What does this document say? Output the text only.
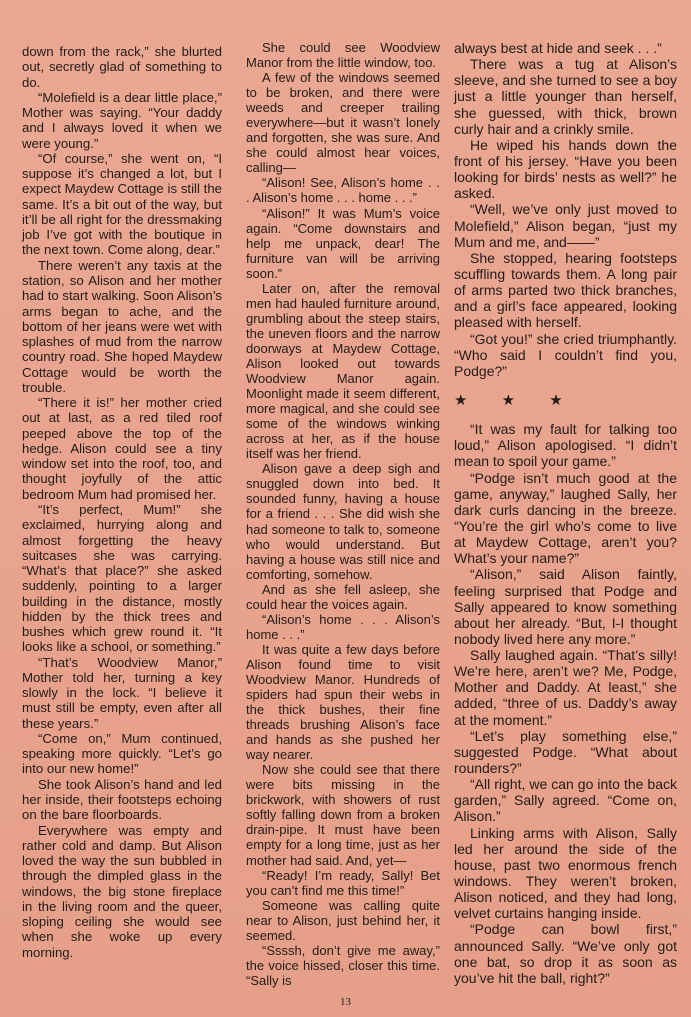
down from the rack,” she blurted out, secretly glad of something to do.

“Molefield is a dear little place,” Mother was saying. “Your daddy and I always loved it when we were young.”

“Of course,” she went on, “I suppose it’s changed a lot, but I expect Maydew Cottage is still the same. It’s a bit out of the way, but it’ll be all right for the dressmaking job I’ve got with the boutique in the next town. Come along, dear.”

There weren’t any taxis at the station, so Alison and her mother had to start walking. Soon Alison’s arms began to ache, and the bottom of her jeans were wet with splashes of mud from the narrow country road. She hoped Maydew Cottage would be worth the trouble.

“There it is!” her mother cried out at last, as a red tiled roof peeped above the top of the hedge. Alison could see a tiny window set into the roof, too, and thought joyfully of the attic bedroom Mum had promised her.

“It’s perfect, Mum!” she exclaimed, hurrying along and almost forgetting the heavy suitcases she was carrying. “What’s that place?” she asked suddenly, pointing to a larger building in the distance, mostly hidden by the thick trees and bushes which grew round it. “It looks like a school, or something.”

“That’s Woodview Manor,” Mother told her, turning a key slowly in the lock. “I believe it must still be empty, even after all these years.”

“Come on,” Mum continued, speaking more quickly. “Let’s go into our new home!”

She took Alison’s hand and led her inside, their footsteps echoing on the bare floorboards.

Everywhere was empty and rather cold and damp. But Alison loved the way the sun bubbled in through the dimpled glass in the windows, the big stone fireplace in the living room and the queer, sloping ceiling she would see when she woke up every morning.

She could see Woodview Manor from the little window, too.

A few of the windows seemed to be broken, and there were weeds and creeper trailing everywhere—but it wasn’t lonely and forgotten, she was sure. And she could almost hear voices, calling—

“Alison! See, Alison’s home . . . Alison’s home . . . home . . .”

“Alison!” It was Mum’s voice again. “Come downstairs and help me unpack, dear! The furniture van will be arriving soon.”

Later on, after the removal men had hauled furniture around, grumbling about the steep stairs, the uneven floors and the narrow doorways at Maydew Cottage, Alison looked out towards Woodview Manor again. Moonlight made it seem different, more magical, and she could see some of the windows winking across at her, as if the house itself was her friend.

Alison gave a deep sigh and snuggled down into bed. It sounded funny, having a house for a friend . . . She did wish she had someone to talk to, someone who would understand. But having a house was still nice and comforting, somehow.

And as she fell asleep, she could hear the voices again.

“Alison’s home . . . Alison’s home . . .”

It was quite a few days before Alison found time to visit Woodview Manor. Hundreds of spiders had spun their webs in the thick bushes, their fine threads brushing Alison’s face and hands as she pushed her way nearer.

Now she could see that there were bits missing in the brickwork, with showers of rust softly falling down from a broken drain-pipe. It must have been empty for a long time, just as her mother had said. And, yet—

“Ready! I’m ready, Sally! Bet you can’t find me this time!”

Someone was calling quite near to Alison, just behind her, it seemed.

“Ssssh, don’t give me away,” the voice hissed, closer this time. “Sally is

always best at hide and seek . . .”

There was a tug at Alison’s sleeve, and she turned to see a boy just a little younger than herself, she guessed, with thick, brown curly hair and a crinkly smile.

He wiped his hands down the front of his jersey. “Have you been looking for birds’ nests as well?” he asked.

“Well, we’ve only just moved to Molefield,” Alison began, “just my Mum and me, and——”

She stopped, hearing footsteps scuffling towards them. A long pair of arms parted two thick branches, and a girl’s face appeared, looking pleased with herself.

“Got you!” she cried triumphantly. “Who said I couldn’t find you, Podge?”

★ ★ ★

“It was my fault for talking too loud,” Alison apologised. “I didn’t mean to spoil your game.”

“Podge isn’t much good at the game, anyway,” laughed Sally, her dark curls dancing in the breeze. “You’re the girl who’s come to live at Maydew Cottage, aren’t you? What’s your name?”

“Alison,” said Alison faintly, feeling surprised that Podge and Sally appeared to know something about her already. “But, I-I thought nobody lived here any more.”

Sally laughed again. “That’s silly! We’re here, aren’t we? Me, Podge, Mother and Daddy. At least,” she added, “three of us. Daddy’s away at the moment.”

“Let’s play something else,” suggested Podge. “What about rounders?”

“All right, we can go into the back garden,” Sally agreed. “Come on, Alison.”

Linking arms with Alison, Sally led her around the side of the house, past two enormous french windows. They weren’t broken, Alison noticed, and they had long, velvet curtains hanging inside.

“Podge can bowl first,” announced Sally. “We’ve only got one bat, so drop it as soon as you’ve hit the ball, right?”

13
